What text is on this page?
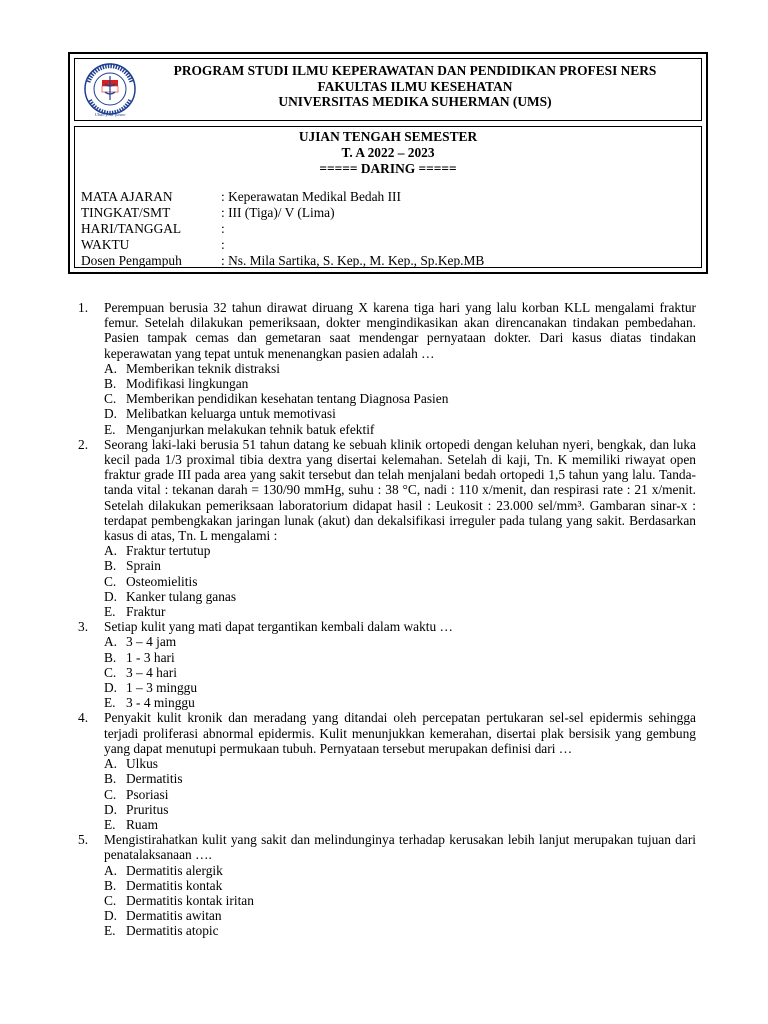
Ubah your future
PROGRAM STUDI ILMU KEPERAWATAN DAN PENDIDIKAN PROFESI NERS
FAKULTAS ILMU KESEHATAN
UNIVERSITAS MEDIKA SUHERMAN (UMS)
UJIAN TENGAH SEMESTER
T. A 2022 – 2023
===== DARING =====
MATA AJARAN	: Keperawatan Medikal Bedah III
TINGKAT/SMT	: III (Tiga)/ V (Lima)
HARI/TANGGAL	:
WAKTU	:
Dosen Pengampuh	: Ns. Mila Sartika, S. Kep., M. Kep., Sp.Kep.MB
1. Perempuan berusia 32 tahun dirawat diruang X karena tiga hari yang lalu korban KLL mengalami fraktur femur. Setelah dilakukan pemeriksaan, dokter mengindikasikan akan direncanakan tindakan pembedahan. Pasien tampak cemas dan gemetaran saat mendengar pernyataan dokter. Dari kasus diatas tindakan keperawatan yang tepat untuk menenangkan pasien adalah …
A. Memberikan teknik distraksi
B. Modifikasi lingkungan
C. Memberikan pendidikan kesehatan tentang Diagnosa Pasien
D. Melibatkan keluarga untuk memotivasi
E. Menganjurkan melakukan tehnik batuk efektif
2. Seorang laki-laki berusia 51 tahun datang ke sebuah klinik ortopedi dengan keluhan nyeri, bengkak, dan luka kecil pada 1/3 proximal tibia dextra yang disertai kelemahan. Setelah di kaji, Tn. K memiliki riwayat open fraktur grade III pada area yang sakit tersebut dan telah menjalani bedah ortopedi 1,5 tahun yang lalu. Tanda-tanda vital : tekanan darah = 130/90 mmHg, suhu : 38 °C, nadi : 110 x/menit, dan respirasi rate : 21 x/menit. Setelah dilakukan pemeriksaan laboratorium didapat hasil : Leukosit : 23.000 sel/mm³. Gambaran sinar-x : terdapat pembengkakan jaringan lunak (akut) dan dekalsifikasi irreguler pada tulang yang sakit. Berdasarkan kasus di atas, Tn. L mengalami :
A. Fraktur tertutup
B. Sprain
C. Osteomielitis
D. Kanker tulang ganas
E. Fraktur
3. Setiap kulit yang mati dapat tergantikan kembali dalam waktu …
A. 3 – 4 jam
B. 1 - 3 hari
C. 3 – 4 hari
D. 1 – 3 minggu
E. 3 - 4 minggu
4. Penyakit kulit kronik dan meradang yang ditandai oleh percepatan pertukaran sel-sel epidermis sehingga terjadi proliferasi abnormal epidermis. Kulit menunjukkan kemerahan, disertai plak bersisik yang gembung yang dapat menutupi permukaan tubuh. Pernyataan tersebut merupakan definisi dari …
A. Ulkus
B. Dermatitis
C. Psoriasi
D. Pruritus
E. Ruam
5. Mengistirahatkan kulit yang sakit dan melindunginya terhadap kerusakan lebih lanjut merupakan tujuan dari penatalaksanaan ….
A. Dermatitis alergik
B. Dermatitis kontak
C. Dermatitis kontak iritan
D. Dermatitis awitan
E. Dermatitis atopic
